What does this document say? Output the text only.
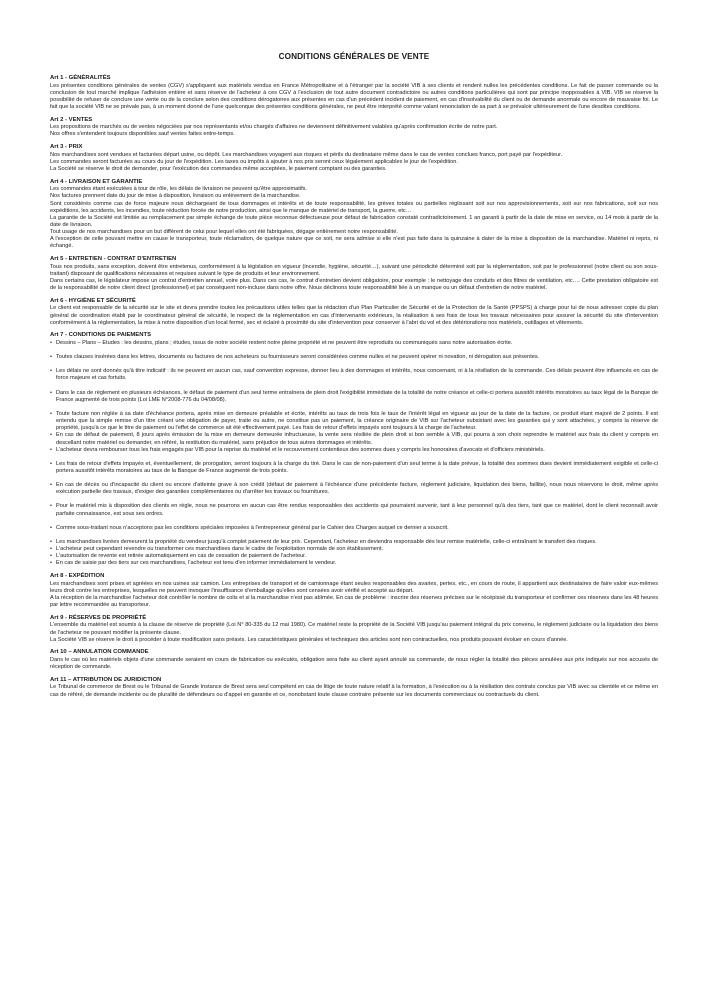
CONDITIONS GÉNÉRALES DE VENTE
Art 1 - GÉNÉRALITÉS
Les présentes conditions générales de ventes (CGV) s'appliquent aux matériels vendus en France Métropolitaine et à l'étranger par la société VIB à ses clients et rendent nulles les précédentes conditions. Le fait de passer commande ou la conclusion de tout marché implique l'adhésion entière et sans réserve de l'acheteur à ces CGV à l'exclusion de tout autre document contradictoire ou autres conditions particulières qui sont par principe inopposables à VIB. VIB se réserve la possibilité de refuser de conclure une vente ou de la conclure selon des conditions dérogatoires aux présentes en cas d'un précédent incident de paiement, en cas d'insolvabilité du client ou de demande anormale ou encore de mauvaise foi. Le fait que la société VIB ne se prévale pas, à un moment donné de l'une quelconque des présentes conditions générales, ne peut être interprété comme valant renonciation de sa part à se prévaloir ultérieurement de l'une desdites conditions.
Art 2 - VENTES
Les propositions de marchés ou de ventes négociées par nos représentants et/ou chargés d'affaires ne deviennent définitivement valables qu'après confirmation écrite de notre part.
Nos offres s'entendent toujours disponibles sauf ventes faites entre-temps.
Art 3 - PRIX
Nos marchandises sont vendues et facturées départ usine, ou dépôt. Les marchandises voyagent aux risques et périls du destinataire même dans le cas de ventes conclues franco, port payé par l'expéditeur.
Les commandes seront facturées au cours du jour de l'expédition. Les taxes ou impôts à ajouter à nos prix seront ceux légalement applicables le jour de l'expédition.
La Société se réserve le droit de demander, pour l'exécution des commandes même acceptées, le paiement comptant ou des garanties.
Art 4 - LIVRAISON ET GARANTIE
Les commandes étant exécutées à tour de rôle, les délais de livraison ne peuvent qu'être approximatifs.
Nos factures prennent date du jour de mise à disposition, livraison ou enlèvement de la marchandise.
Sont considérés comme cas de force majeure nous déchargeant de tous dommages et intérêts et de toute responsabilité, les grèves totales ou partielles réglissant soit sur nos approvisionnements, soit sur nos fabrications, soit sur nos expéditions, les accidents, les incendies, toute réduction forcée de notre production, ainsi que le manque de matériel de transport, la guerre, etc…
La garantie de la Société est limitée au remplacement par simple échange de toute pièce reconnue défectueuse pour défaut de fabrication constaté contradictoirement. 1 an garanti à partir de la date de mise en service, ou 14 mois à partir de la date de livraison.
Tout usage de nos marchandises pour un but différent de celui pour lequel elles ont été fabriquées, dégage entièrement notre responsabilité.
A l'exception de celle pouvant mettre en cause le transporteur, toute réclamation, de quelque nature que ce soit, ne sera admise si elle n'est pas faite dans la quinzaine à dater de la mise à disposition de la marchandise. Matériel ni repris, ni échangé.
Art 5 - ENTRETIEN - CONTRAT D'ENTRETIEN
Tous nos produits, sans exception, doivent être entretenus, conformément à la législation en vigueur (incendie, hygiène, sécurité…), suivant une périodicité déterminé soit par la réglementation, soit par le professionnel (notre client ou son sous-traitant) disposant de qualifications nécessaires et requises suivant le type de produits et leur environnement.
Dans certains cas, le législateur impose un contrat d'entretien annuel, voire plus. Dans ces cas, le contrat d'entretien devient obligatoire, pour exemple : le nettoyage des conduits et des filtres de ventilation, etc…. Cette prestation obligatoire est de la responsabilité de notre client direct (professionnel) et par conséquent non-incluse dans notre offre. Nous déclinons toute responsabilité liée à un manque ou un défaut d'entretien de notre matériel.
Art 6 - HYGIÈNE ET SÉCURITÉ
Le client est responsable de la sécurité sur le site et devra prendre toutes les précautions utiles telles que la rédaction d'un Plan Particulier de Sécurité et de la Protection de la Santé (PPSPS) à charge pour lui de nous adresser copie du plan général de coordination établi par le coordinateur général de sécurité, le respect de la réglementation en cas d'intervenants extérieurs, la réalisation à ses frais de tous les travaux nécessaires pour assurer la sécurité du site d'intervention conformément à la réglementation, la mise à notre disposition d'un local fermé, sec et éclairé à proximité du site d'intervention pour conserver à l'abri du vol et des détériorations nos matériels, outillages et vêtements.
Art 7 - CONDITIONS DE PAIEMENTS
• Dessins – Plans – Etudes : les dessins, plans ; études, issus de notre société restent notre pleine propriété et ne peuvent être reproduits ou communiqués sans notre autorisation écrite.
• Toutes clauses insérées dans les lettres, documents ou factures de nos acheteurs ou fournisseurs seront considérées comme nulles et ne peuvent opérer ni novation, ni dérogation aux présentes.
• Les délais ne sont donnés qu'à titre indicatif : ils ne peuvent en aucun cas, sauf convention expresse, donner lieu à des dommages et intérêts, nous concernant, ni à la résiliation de la commande. Ces délais peuvent être influencés en cas de force majeure et cas fortuits.
• Dans le cas de règlement en plusieurs échéances, le défaut de paiement d'un seul terme entraînera de plein droit l'exigibilité immédiate de la totalité de notre créance et celle-ci portera aussitôt intérêts moratoires au taux légal de la Banque de France augmenté de trois points (Loi LME N°2008-776 du 04/08/08).
• Toute facture non réglée à sa date d'échéance portera, après mise en demeure préalable et écrite, intérêts au taux de trois fois le taux de l'intérêt légal en vigueur au jour de la date de la facture, ce produit étant majoré de 2 points. Il est entendu que la simple remise d'un titre créant une obligation de payer, traite ou autre, ne constitue pas un paiement, la créance originaire de VIB sur l'acheteur subsistant avec les garanties qui y sont attachées, y compris la réserve de propriété, jusqu'à ce que le titre de paiement ou l'effet de commerce ait été effectivement payé. Les frais de retour d'effets impayés sont toujours à la charge de l'acheteur.
• En cas de défaut de paiement, 8 jours après émission de la mise en demeure demeurée infructueuse, la vente sera résiliée de plein droit si bon semble à VIB, qui pourra à son choix reprendre le matériel aux frais du client y compris en descellant notre matériel ou demander, en référé, la restitution du matériel, sans préjudice de tous autres dommages et intérêts.
• L'acheteur devra rembourser tous les frais engagés par VIB pour la reprise du matériel et le recouvrement contentieux des sommes dues y compris les honoraires d'avocats et d'officiers ministériels.
• Les frais de retour d'effets impayés et, éventuellement, de prorogation, seront toujours à la charge du tiré. Dans le cas de non-paiement d'un seul terme à la date prévue, la totalité des sommes dues devient immédiatement exigible et celle-ci portera aussitôt intérêts moratoires au taux de la Banque de France augmenté de trois points.
• En cas de décès ou d'incapacité du client ou encore d'atteinte grave à son crédit (défaut de paiement à l'échéance d'une précédente facture, réglement judiciaire, liquidation des biens, faillite), nous nous réservons le droit, même après exécution partielle des travaux, d'exiger des garanties complémentaires ou d'arrêter les travaux ou fournitures.
• Pour le matériel mis à disposition des clients en règle, nous ne pourrons en aucun cas être rendus responsables des accidents qui pourraient survenir, tant à leur personnel qu'à des tiers, tant que ce matériel, dont le client reconnaît avoir parfaite connaissance, est sous ses ordres.
• Comme sous-traitant nous n'acceptons pas les conditions spéciales imposées à l'entrepreneur général par le Cahier des Charges auquel ce dernier a souscrit.
• Les marchandises livrées demeurent la propriété du vendeur jusqu'à complet paiement de leur prix. Cependant, l'acheteur en deviendra responsable dès leur remise matérielle, celle-ci entraînant le transfert des risques.
• L'acheteur peut cependant revendre ou transformer ces marchandises dans le cadre de l'exploitation normale de son établissement.
• L'autorisation de revente est retirée automatiquement en cas de cessation de paiement de l'acheteur.
• En cas de saisie par des tiers sur ces marchandises, l'acheteur est tenu d'en informer immédiatement le vendeur.
Art 8 - EXPÉDITION
Les marchandises sont prises et agréées en nos usines sur camion. Les entreprises de transport et de camionnage étant seules responsables des avaries, pertes, etc., en cours de route, il appartient aux destinataires de faire valoir eux-mêmes leurs droit contre les entreprises, lesquelles ne peuvent invoquer l'insuffisance d'emballage qu'elles sont censées avoir vérifié et accepté au départ.
A la réception de la marchandise l'acheteur doit contrôler le nombre de colis et si la marchandise n'est pas abîmée. En cas de problème : inscrire des réserves précises sur le récépissé du transporteur et confirmer ces réserves dans les 48 heures par lettre recommandée au transporteur.
Art 9 - RÉSERVES DE PROPRIÉTÉ
L'ensemble du matériel est soumis à la clause de réserve de propriété (Loi N° 80-335 du 12 mai 1980). Ce matériel reste la propriété de la Société VIB jusqu'au paiement intégral du prix convenu, le règlement judiciaire ou la liquidation des biens de l'acheteur ne pouvant modifier la présente clause.
La Société VIB se réserve le droit à procéder à toute modification sans préavis. Les caractéristiques générales et techniques des articles sont non contractuelles, nos produits pouvant évoluer en cours d'année.
Art 10 – ANNULATION COMMANDE
Dans le cas où les matériels objets d'une commande seraient en cours de fabrication ou exécutés, obligation sera faite au client ayant annulé sa commande, de nous régler la totalité des pièces annulées aux prix indiqués sur nos accusés de réception de commande.
Art 11 – ATTRIBUTION DE JURIDICTION
Le Tribunal de commerce de Brest ou le Tribunal de Grande Instance de Brest sera seul compétent en cas de litige de toute nature relatif à la formation, à l'exécution ou à la résiliation des contrats conclus par VIB avec sa clientèle et ce même en cas de référé, de demande incidente ou de pluralité de défendeurs ou d'appel en garantie et ce, nonobstant toute clause contraire présente sur les documents commerciaux ou contractuels du client.
